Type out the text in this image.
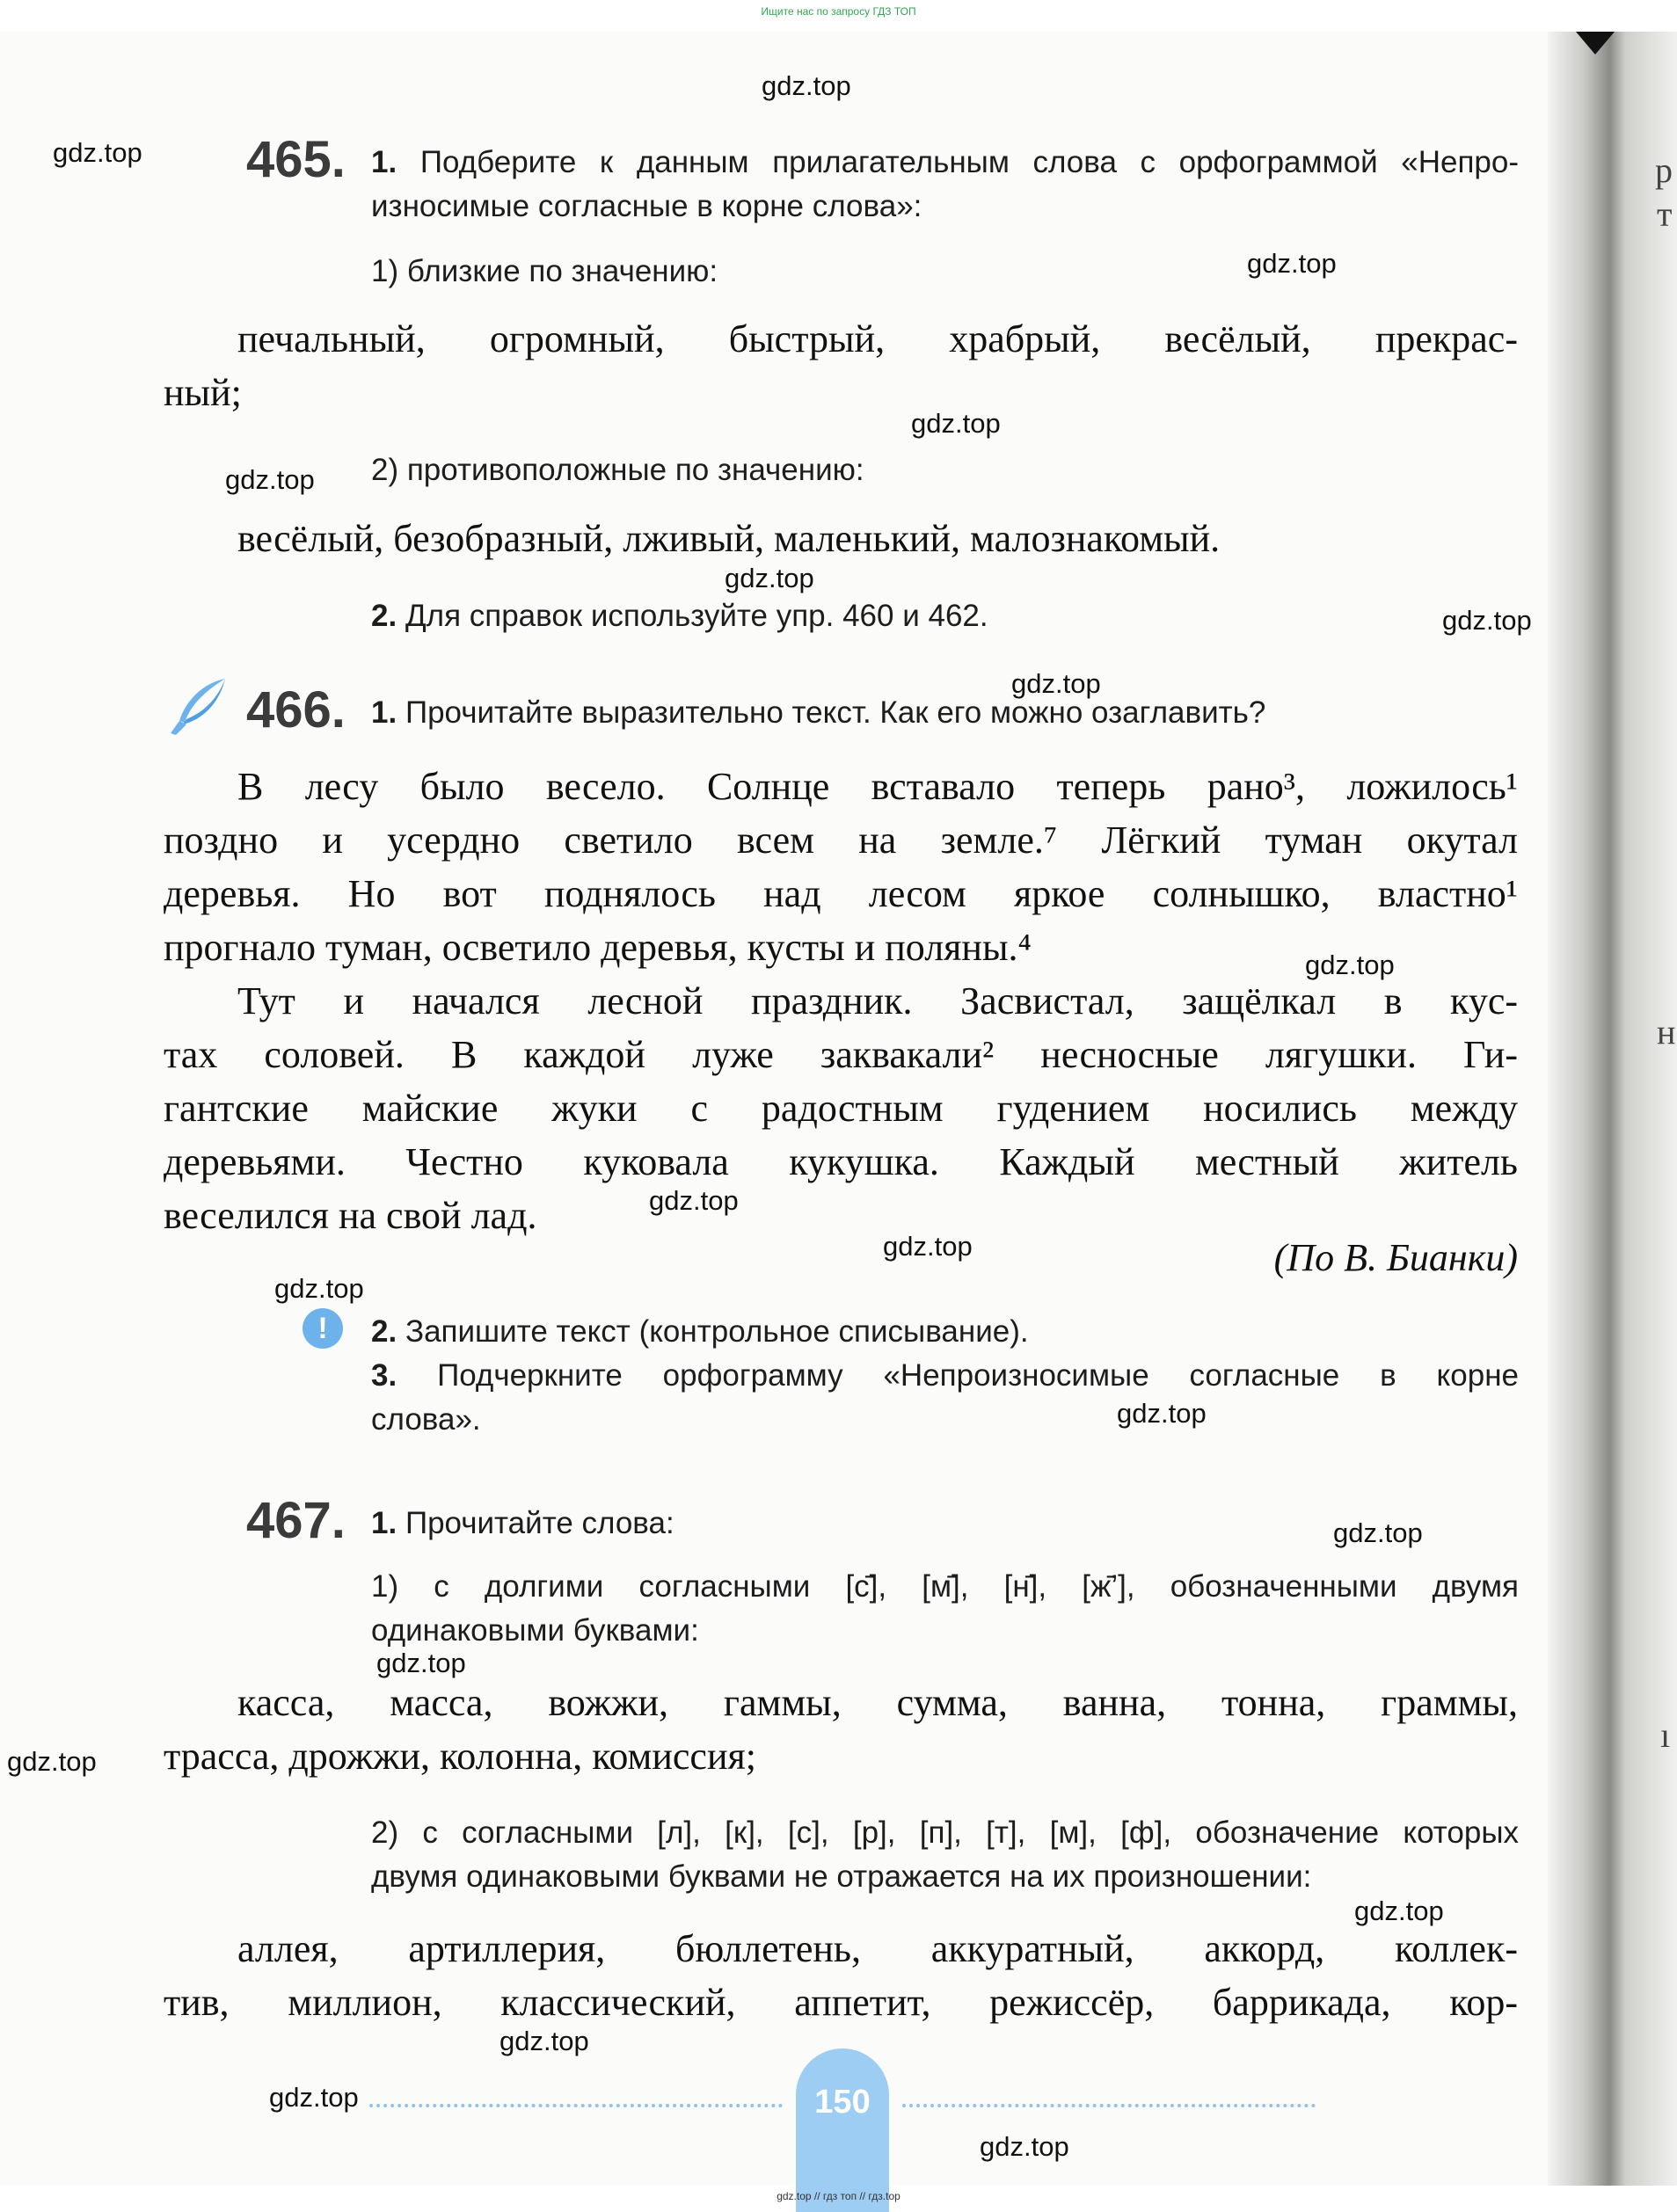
Ищите нас по запросу ГДЗ ТОП
р
т
н
ı
465. 1. Подберите к данным прилагательным слова с орфограммой «Непро-
износимые согласные в корне слова»:
1) близкие по значению:
печальный, огромный, быстрый, храбрый, весёлый, прекрас-
ный;
2) противоположные по значению:
весёлый, безобразный, лживый, маленький, малознакомый.
2. Для справок используйте упр. 460 и 462.
466. 1. Прочитайте выразительно текст. Как его можно озаглавить?
В лесу было весело. Солнце вставало теперь рано³, ложилось¹
поздно и усердно светило всем на земле.⁷ Лёгкий туман окутал
деревья. Но вот поднялось над лесом яркое солнышко, властно¹
прогнало туман, осветило деревья, кусты и поляны.⁴
Тут и начался лесной праздник. Засвистал, защёлкал в кус-
тах соловей. В каждой луже заквакали² несносные лягушки. Ги-
гантские майские жуки с радостным гудением носились между
деревьями. Честно куковала кукушка. Каждый местный житель
веселился на свой лад.
(По В. Бианки)
!	2. Запишите текст (контрольное списывание).
3. Подчеркните орфограмму «Непроизносимые согласные в корне
слова».
467. 1. Прочитайте слова:
1) с долгими согласными [с̄], [м̄], [н̄], [ж̄’], обозначенными двумя
одинаковыми буквами:
касса, масса, вожжи, гаммы, сумма, ванна, тонна, граммы,
трасса, дрожжи, колонна, комиссия;
2) с согласными [л], [к], [с], [р], [п], [т], [м], [ф], обозначение которых
двумя одинаковыми буквами не отражается на их произношении:
аллея, артиллерия, бюллетень, аккуратный, аккорд, коллек-
тив, миллион, классический, аппетит, режиссёр, баррикада, кор-
150
gdz.top
gdz.top
gdz.top
gdz.top
gdz.top
gdz.top
gdz.top
gdz.top
gdz.top
gdz.top
gdz.top
gdz.top
gdz.top
gdz.top
gdz.top
gdz.top
gdz.top
gdz.top
gdz.top
gdz.top
gdz.top // гдз топ // гдз.top
